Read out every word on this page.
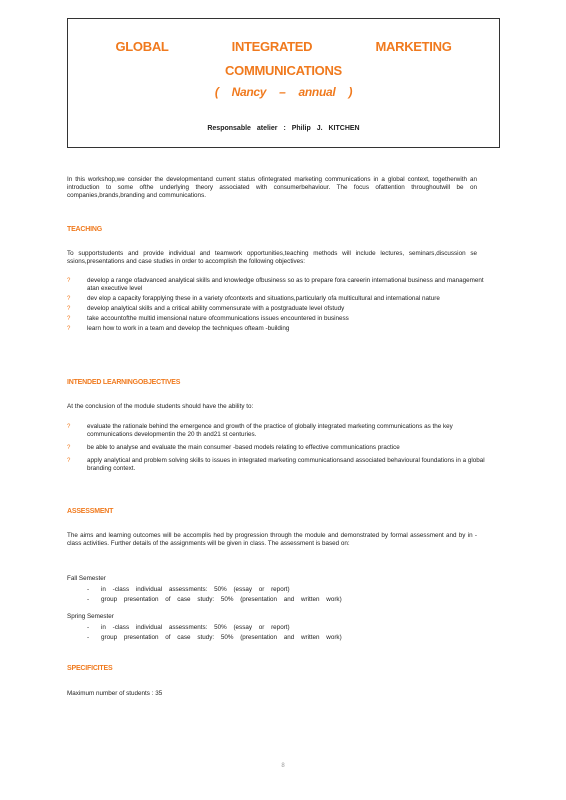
GLOBAL INTEGRATED MARKETING
COMMUNICATIONS
( Nancy – annual )
Responsable atelier : Philip J. KITCHEN
In this workshop,we consider the developmentand current status ofintegrated marketing communications in a global context, togetherwith an introduction to some ofthe underlying theory associated with consumerbehaviour. The focus ofattention throughoutwill be on companies,brands,branding and communications.
TEACHING
To supportstudents and provide individual and teamwork opportunities,teaching methods will include lectures, seminars,discussion se ssions,presentations and case studies in order to accomplish the following objectives:
?	develop a range ofadvanced analytical skills and knowledge ofbusiness so as to prepare fora careerin international business and management atan executive level
?	dev elop a capacity forapplying these in a variety ofcontexts and situations,particularly ofa multicultural and international nature
?	develop analytical skills and a critical ability commensurate with a postgraduate level ofstudy
?	take accountofthe multid imensional nature ofcommunications issues encountered in business
?	learn how to work in a team and develop the techniques ofteam -building
INTENDED LEARNINGOBJECTIVES
At the conclusion of the module students should have the ability to:
?	evaluate the rationale behind the emergence and growth of the practice of globally integrated marketing communications as the key communications developmentin the 20 th and21 st centuries.
?	be able to analyse and evaluate the main consumer -based models relating to effective communications practice
?	apply analytical and problem solving skills to issues in integrated marketing communicationsand associated behavioural foundations in a global branding context.
ASSESSMENT
The aims and learning outcomes will be accomplis hed by progression through the module and demonstrated by formal assessment and by in -class activities. Further details of the assignments will be given in class. The assessment is based on:
Fall Semester
- in -class individual assessments: 50% (essay or report)
- group presentation of case study: 50% (presentation and written work)
Spring Semester
- in -class individual assessments: 50% (essay or report)
- group presentation of case study: 50% (presentation and written work)
SPECIFICITES
Maximum number of students : 35
8
